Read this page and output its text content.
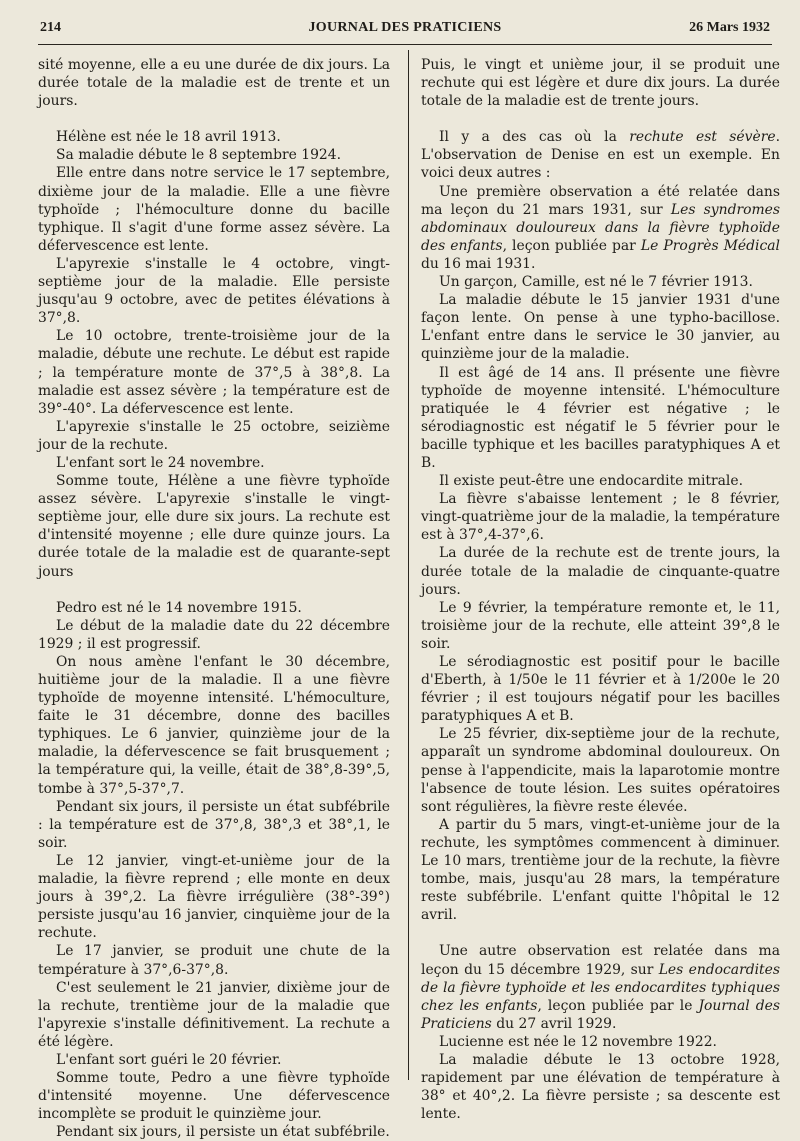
214	JOURNAL DES PRATICIENS	26 Mars 1932

sité moyenne, elle a eu une durée de dix jours. La durée totale de la maladie est de trente et un jours.

Hélène est née le 18 avril 1913.

Sa maladie débute le 8 septembre 1924.

Elle entre dans notre service le 17 septembre, dixième jour de la maladie. Elle a une fièvre typhoïde ; l'hémoculture donne du bacille typhique. Il s'agit d'une forme assez sévère. La défervescence est lente.

L'apyrexie s'installe le 4 octobre, vingt-septième jour de la maladie. Elle persiste jusqu'au 9 octobre, avec de petites élévations à 37°,8.

Le 10 octobre, trente-troisième jour de la maladie, débute une rechute. Le début est rapide ; la température monte de 37°,5 à 38°,8. La maladie est assez sévère ; la température est de 39°-40°. La défervescence est lente.

L'apyrexie s'installe le 25 octobre, seizième jour de la rechute.

L'enfant sort le 24 novembre.

Somme toute, Hélène a une fièvre typhoïde assez sévère. L'apyrexie s'installe le vingt-septième jour, elle dure six jours. La rechute est d'intensité moyenne ; elle dure quinze jours. La durée totale de la maladie est de quarante-sept jours

Pedro est né le 14 novembre 1915.

Le début de la maladie date du 22 décembre 1929 ; il est progressif.

On nous amène l'enfant le 30 décembre, huitième jour de la maladie. Il a une fièvre typhoïde de moyenne intensité. L'hémoculture, faite le 31 décembre, donne des bacilles typhiques. Le 6 janvier, quinzième jour de la maladie, la défervescence se fait brusquement ; la température qui, la veille, était de 38°,8-39°,5, tombe à 37°,5-37°,7.

Pendant six jours, il persiste un état subfébrile : la température est de 37°,8, 38°,3 et 38°,1, le soir.

Le 12 janvier, vingt-et-unième jour de la maladie, la fièvre reprend ; elle monte en deux jours à 39°,2. La fièvre irrégulière (38°-39°) persiste jusqu'au 16 janvier, cinquième jour de la rechute.

Le 17 janvier, se produit une chute de la température à 37°,6-37°,8.

C'est seulement le 21 janvier, dixième jour de la rechute, trentième jour de la maladie que l'apyrexie s'installe définitivement. La rechute a été légère.

L'enfant sort guéri le 20 février.

Somme toute, Pedro a une fièvre typhoïde d'intensité moyenne. Une défervescence incomplète se produit le quinzième jour.

Pendant six jours, il persiste un état subfébrile.

Puis, le vingt et unième jour, il se produit une rechute qui est légère et dure dix jours. La durée totale de la maladie est de trente jours.

Il y a des cas où la rechute est sévère. L'observation de Denise en est un exemple. En voici deux autres :

Une première observation a été relatée dans ma leçon du 21 mars 1931, sur Les syndromes abdominaux douloureux dans la fièvre typhoïde des enfants, leçon publiée par Le Progrès Médical du 16 mai 1931.

Un garçon, Camille, est né le 7 février 1913.

La maladie débute le 15 janvier 1931 d'une façon lente. On pense à une typho-bacillose. L'enfant entre dans le service le 30 janvier, au quinzième jour de la maladie.

Il est âgé de 14 ans. Il présente une fièvre typhoïde de moyenne intensité. L'hémoculture pratiquée le 4 février est négative ; le sérodiagnostic est négatif le 5 février pour le bacille typhique et les bacilles paratyphiques A et B.

Il existe peut-être une endocardite mitrale.

La fièvre s'abaisse lentement ; le 8 février, vingt-quatrième jour de la maladie, la température est à 37°,4-37°,6.

La durée de la rechute est de trente jours, la durée totale de la maladie de cinquante-quatre jours.

Le 9 février, la température remonte et, le 11, troisième jour de la rechute, elle atteint 39°,8 le soir.

Le sérodiagnostic est positif pour le bacille d'Eberth, à 1/50e le 11 février et à 1/200e le 20 février ; il est toujours négatif pour les bacilles paratyphiques A et B.

Le 25 février, dix-septième jour de la rechute, apparaît un syndrome abdominal douloureux. On pense à l'appendicite, mais la laparotomie montre l'absence de toute lésion. Les suites opératoires sont régulières, la fièvre reste élevée.

A partir du 5 mars, vingt-et-unième jour de la rechute, les symptômes commencent à diminuer. Le 10 mars, trentième jour de la rechute, la fièvre tombe, mais, jusqu'au 28 mars, la température reste subfébrile. L'enfant quitte l'hôpital le 12 avril.

Une autre observation est relatée dans ma leçon du 15 décembre 1929, sur Les endocardites de la fièvre typhoïde et les endocardites typhiques chez les enfants, leçon publiée par le Journal des Praticiens du 27 avril 1929.

Lucienne est née le 12 novembre 1922.

La maladie débute le 13 octobre 1928, rapidement par une élévation de température à 38° et 40°,2. La fièvre persiste ; sa descente est lente.
